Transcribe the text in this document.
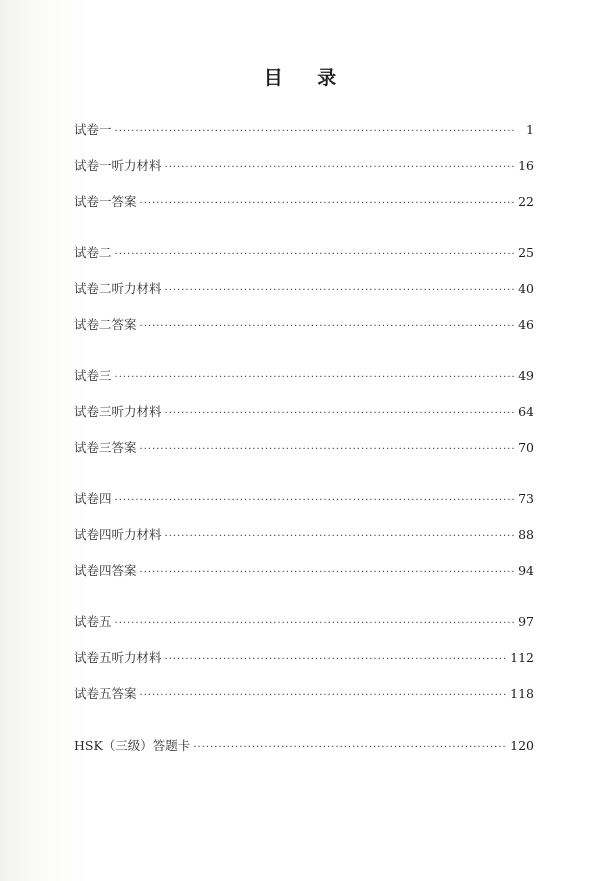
目 录
试卷一 ·····	1
试卷一听力材料 ·····	16
试卷一答案 ·····	22
试卷二 ·····	25
试卷二听力材料 ·····	40
试卷二答案 ·····	46
试卷三 ·····	49
试卷三听力材料 ·····	64
试卷三答案 ·····	70
试卷四 ·····	73
试卷四听力材料 ·····	88
试卷四答案 ·····	94
试卷五 ·····	97
试卷五听力材料 ·····	112
试卷五答案 ·····	118
HSK（三级）答题卡 ·····	120
